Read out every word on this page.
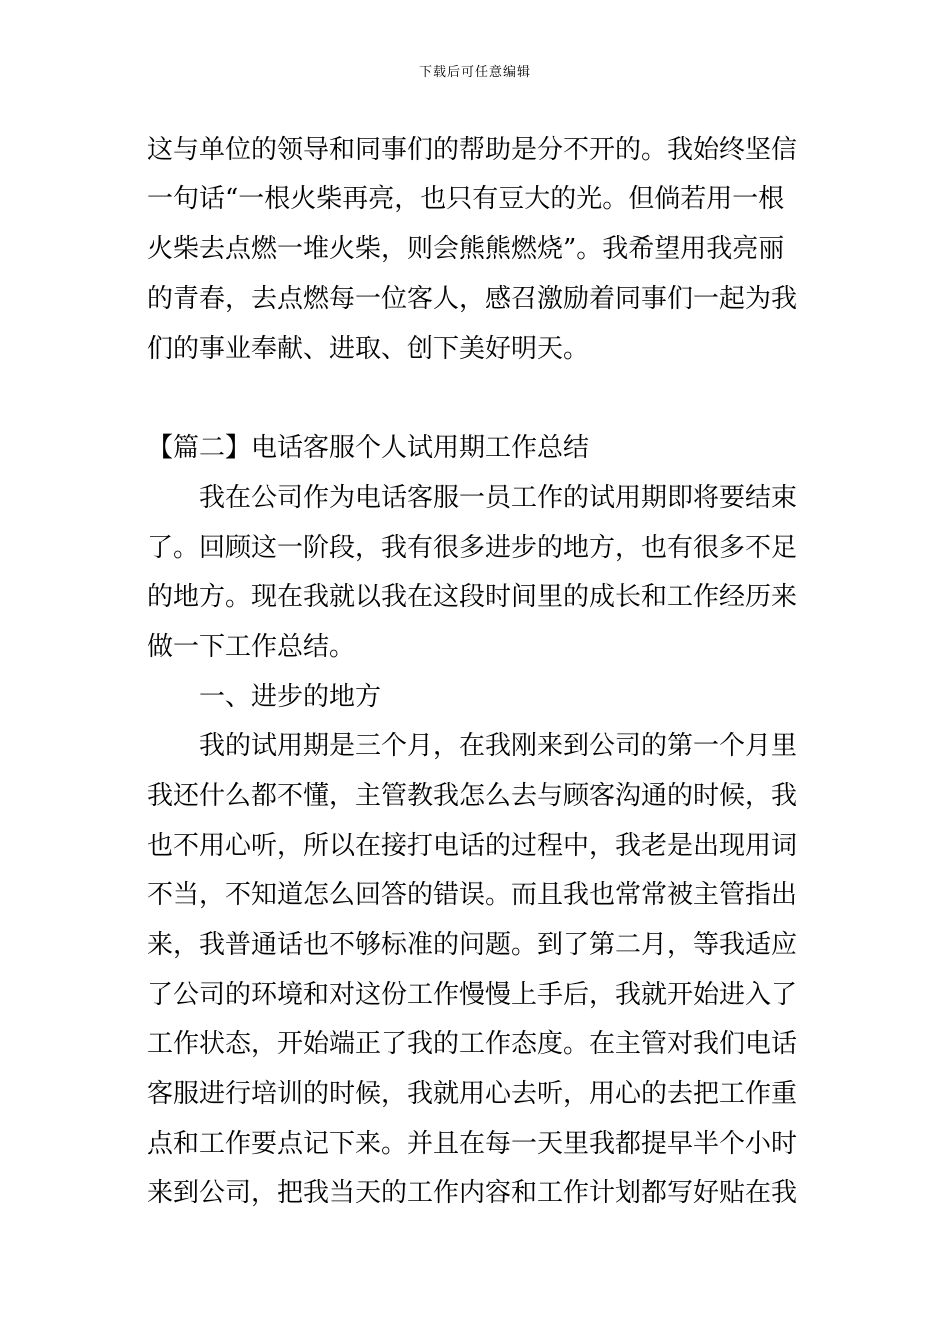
下载后可任意编辑
这与单位的领导和同事们的帮助是分不开的。我始终坚信
一句话“一根火柴再亮，也只有豆大的光。但倘若用一根
火柴去点燃一堆火柴，则会熊熊燃烧”。我希望用我亮丽
的青春，去点燃每一位客人，感召激励着同事们一起为我
们的事业奉献、进取、创下美好明天。
【篇二】电话客服个人试用期工作总结
我在公司作为电话客服一员工作的试用期即将要结束
了。回顾这一阶段，我有很多进步的地方，也有很多不足
的地方。现在我就以我在这段时间里的成长和工作经历来
做一下工作总结。
一、进步的地方
我的试用期是三个月，在我刚来到公司的第一个月里
我还什么都不懂，主管教我怎么去与顾客沟通的时候，我
也不用心听，所以在接打电话的过程中，我老是出现用词
不当，不知道怎么回答的错误。而且我也常常被主管指出
来，我普通话也不够标准的问题。到了第二月，等我适应
了公司的环境和对这份工作慢慢上手后，我就开始进入了
工作状态，开始端正了我的工作态度。在主管对我们电话
客服进行培训的时候，我就用心去听，用心的去把工作重
点和工作要点记下来。并且在每一天里我都提早半个小时
来到公司，把我当天的工作内容和工作计划都写好贴在我
